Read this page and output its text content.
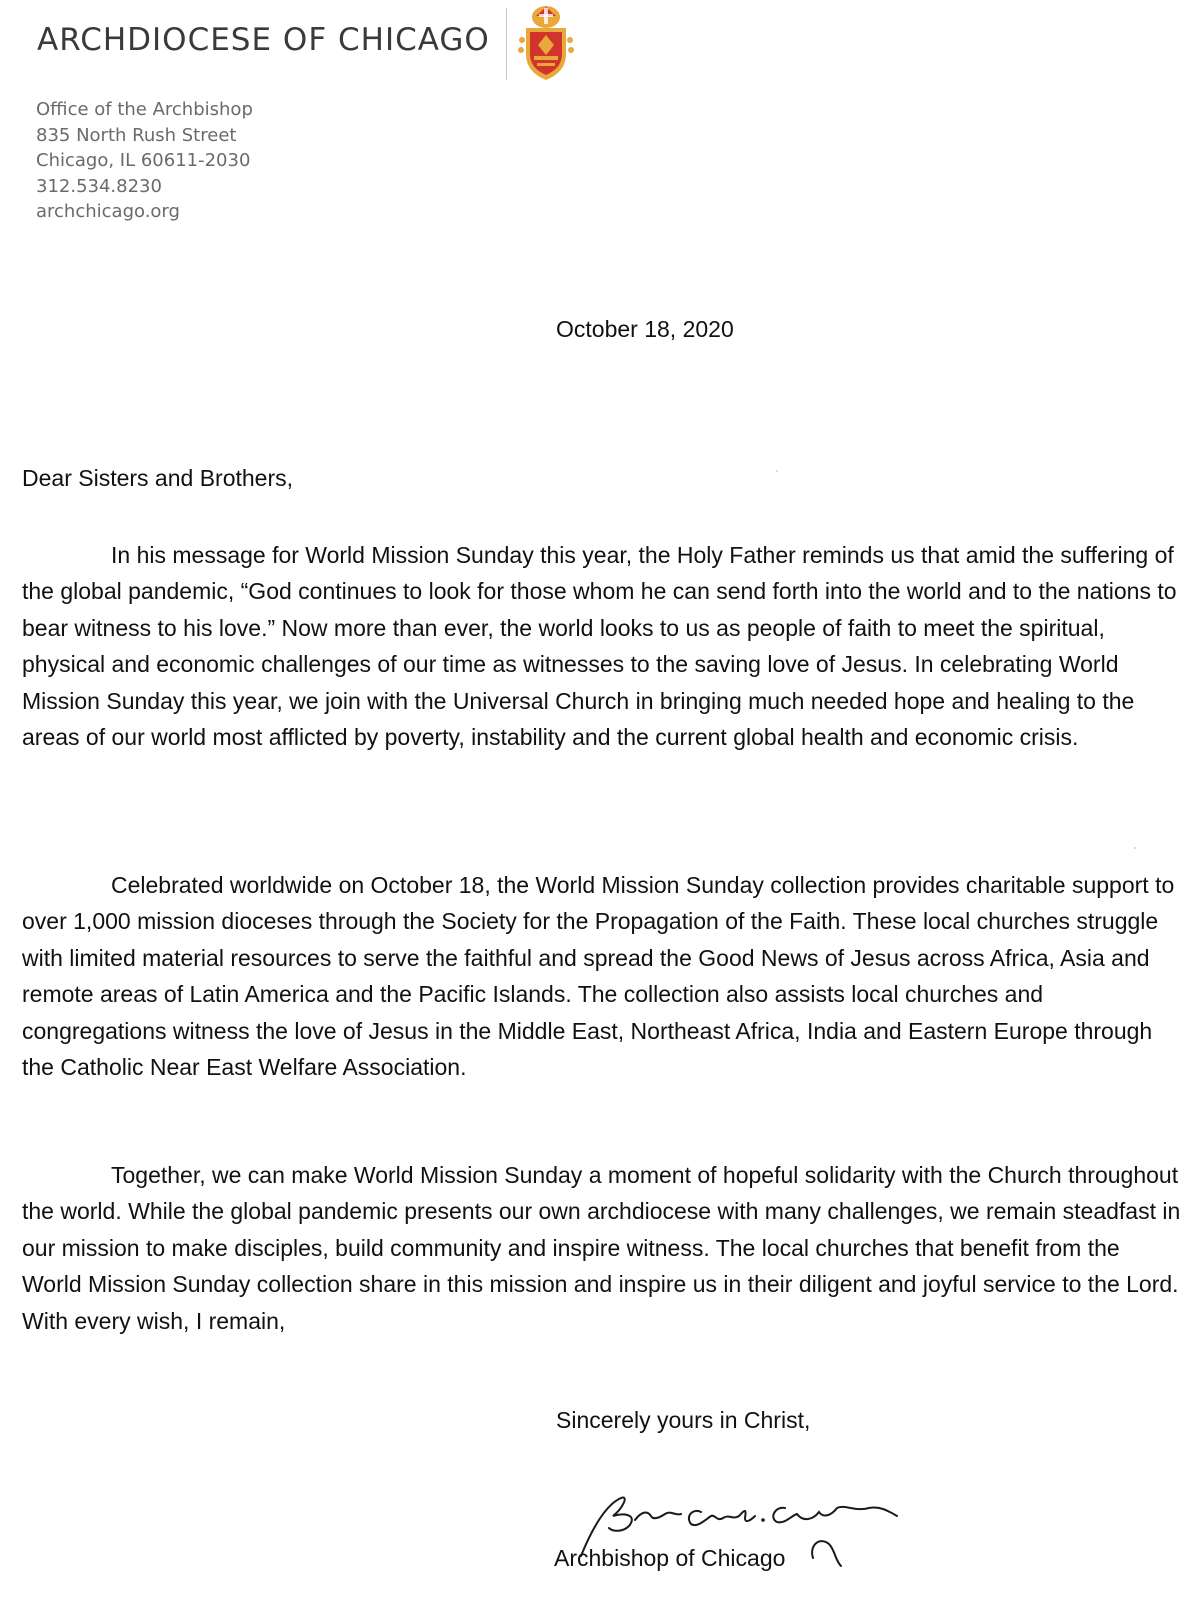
ARCHDIOCESE OF CHICAGO
Office of the Archbishop
835 North Rush Street
Chicago, IL 60611-2030
312.534.8230
archchicago.org
October 18, 2020
Dear Sisters and Brothers,

In his message for World Mission Sunday this year, the Holy Father reminds us that amid the suffering of the global pandemic, “God continues to look for those whom he can send forth into the world and to the nations to bear witness to his love.” Now more than ever, the world looks to us as people of faith to meet the spiritual, physical and economic challenges of our time as witnesses to the saving love of Jesus. In celebrating World Mission Sunday this year, we join with the Universal Church in bringing much needed hope and healing to the areas of our world most afflicted by poverty, instability and the current global health and economic crisis.

Celebrated worldwide on October 18, the World Mission Sunday collection provides charitable support to over 1,000 mission dioceses through the Society for the Propagation of the Faith. These local churches struggle with limited material resources to serve the faithful and spread the Good News of Jesus across Africa, Asia and remote areas of Latin America and the Pacific Islands. The collection also assists local churches and congregations witness the love of Jesus in the Middle East, Northeast Africa, India and Eastern Europe through the Catholic Near East Welfare Association.

Together, we can make World Mission Sunday a moment of hopeful solidarity with the Church throughout the world. While the global pandemic presents our own archdiocese with many challenges, we remain steadfast in our mission to make disciples, build community and inspire witness. The local churches that benefit from the World Mission Sunday collection share in this mission and inspire us in their diligent and joyful service to the Lord. With every wish, I remain,

Sincerely yours in Christ,
Archbishop of Chicago
